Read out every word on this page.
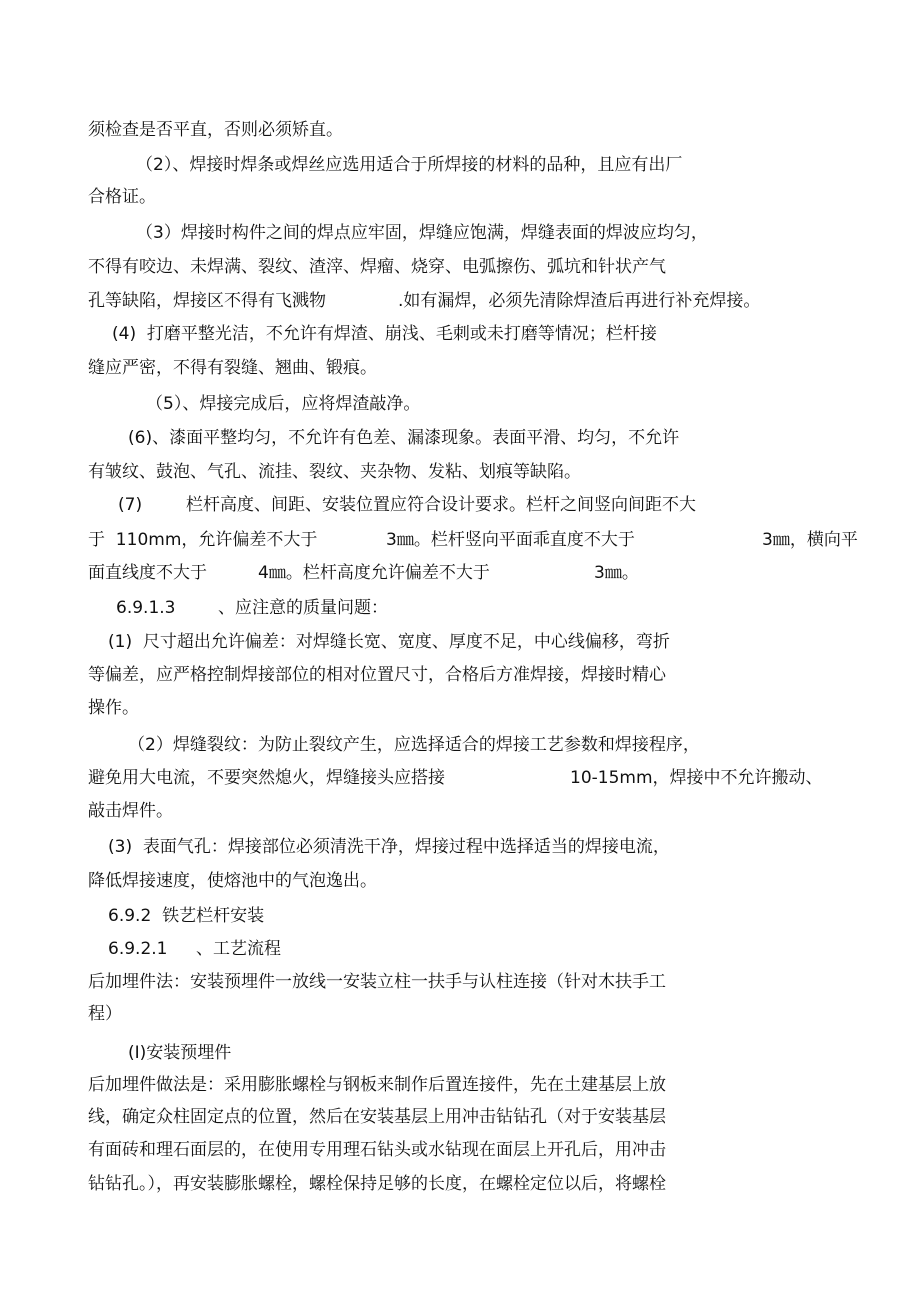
须检查是否平直，否则必须矫直。
（2）、焊接时焊条或焊丝应选用适合于所焊接的材料的品种，且应有出厂
合格证。
（3）焊接时构件之间的焊点应牢固，焊缝应饱满，焊缝表面的焊波应均匀，
不得有咬边、未焊满、裂纹、渣滓、焊瘤、烧穿、电弧擦伤、弧坑和针状产气
孔等缺陷，焊接区不得有飞溅物	.如有漏焊，必须先清除焊渣后再进行补充焊接。
(4)  打磨平整光洁，不允许有焊渣、崩浅、毛刺或未打磨等情况；栏杆接
缝应严密，不得有裂缝、翘曲、锻痕。
（5）、焊接完成后，应将焊渣敲净。
(6)、漆面平整均匀，不允许有色差、漏漆现象。表面平滑、均匀，不允许
有皱纹、鼓泡、气孔、流挂、裂纹、夹杂物、发粘、划痕等缺陷。
(7)	栏杆高度、间距、安装位置应符合设计要求。栏杆之间竖向间距不大
于  110mm，允许偏差不大于	3㎜。栏杆竖向平面乖直度不大于	3㎜，横向平
面直线度不大于	4㎜。栏杆高度允许偏差不大于	3㎜。
6.9.1.3	、应注意的质量问题：
(1)  尺寸超出允许偏差：对焊缝长宽、宽度、厚度不足，中心线偏移，弯折
等偏差，应严格控制焊接部位的相对位置尺寸，合格后方准焊接，焊接时精心
操作。
（2）焊缝裂纹：为防止裂纹产生，应选择适合的焊接工艺参数和焊接程序，
避免用大电流，不要突然熄火，焊缝接头应搭接	10-15mm，焊接中不允许搬动、
敲击焊件。
(3)  表面气孔：焊接部位必须清洗干净，焊接过程中选择适当的焊接电流，
降低焊接速度，使熔池中的气泡逸出。
6.9.2  铁艺栏杆安装
6.9.2.1 、工艺流程
后加埋件法：安装预埋件一放线一安装立柱一扶手与认柱连接（针对木扶手工
程）
(Ⅰ)安装预埋件
后加埋件做法是：采用膨胀螺栓与钢板来制作后置连接件，先在土建基层上放
线，确定众柱固定点的位置，然后在安装基层上用冲击钻钻孔（对于安装基层
有面砖和理石面层的，在使用专用理石钻头或水钻现在面层上开孔后，用冲击
钻钻孔。），再安装膨胀螺栓，螺栓保持足够的长度，在螺栓定位以后，将螺栓
